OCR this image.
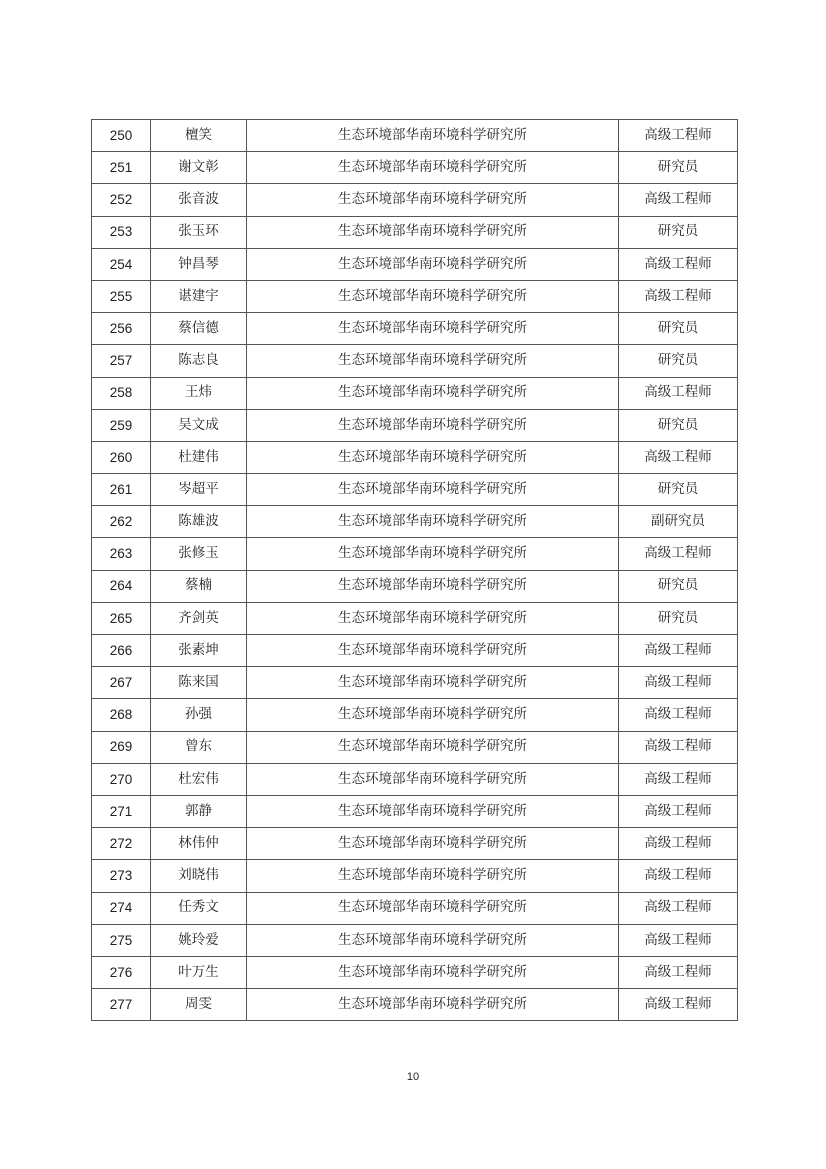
250	檀笑	生态环境部华南环境科学研究所	高级工程师
251	谢文彰	生态环境部华南环境科学研究所	研究员
252	张音波	生态环境部华南环境科学研究所	高级工程师
253	张玉环	生态环境部华南环境科学研究所	研究员
254	钟昌琴	生态环境部华南环境科学研究所	高级工程师
255	谌建宇	生态环境部华南环境科学研究所	高级工程师
256	蔡信德	生态环境部华南环境科学研究所	研究员
257	陈志良	生态环境部华南环境科学研究所	研究员
258	王炜	生态环境部华南环境科学研究所	高级工程师
259	吴文成	生态环境部华南环境科学研究所	研究员
260	杜建伟	生态环境部华南环境科学研究所	高级工程师
261	岑超平	生态环境部华南环境科学研究所	研究员
262	陈雄波	生态环境部华南环境科学研究所	副研究员
263	张修玉	生态环境部华南环境科学研究所	高级工程师
264	蔡楠	生态环境部华南环境科学研究所	研究员
265	齐剑英	生态环境部华南环境科学研究所	研究员
266	张素坤	生态环境部华南环境科学研究所	高级工程师
267	陈来国	生态环境部华南环境科学研究所	高级工程师
268	孙强	生态环境部华南环境科学研究所	高级工程师
269	曾东	生态环境部华南环境科学研究所	高级工程师
270	杜宏伟	生态环境部华南环境科学研究所	高级工程师
271	郭静	生态环境部华南环境科学研究所	高级工程师
272	林伟仲	生态环境部华南环境科学研究所	高级工程师
273	刘晓伟	生态环境部华南环境科学研究所	高级工程师
274	任秀文	生态环境部华南环境科学研究所	高级工程师
275	姚玲爱	生态环境部华南环境科学研究所	高级工程师
276	叶万生	生态环境部华南环境科学研究所	高级工程师
277	周雯	生态环境部华南环境科学研究所	高级工程师
10
